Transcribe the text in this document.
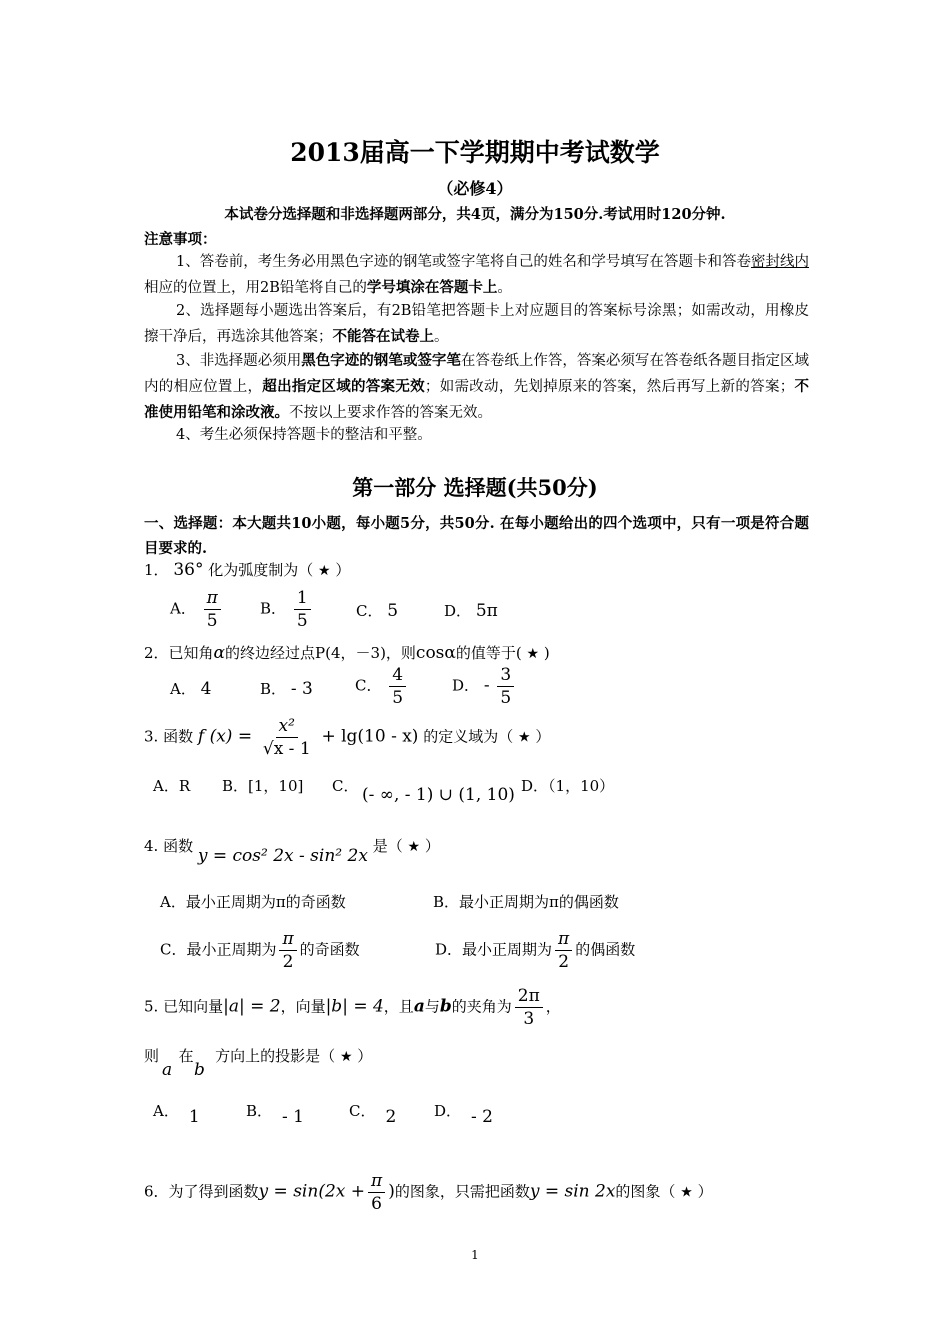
2013届高一下学期期中考试数学
（必修4）
本试卷分选择题和非选择题两部分，共4页，满分为150分.考试用时120分钟.
注意事项：
1、答卷前，考生务必用黑色字迹的钢笔或签字笔将自己的姓名和学号填写在答题卡和答卷密封线内相应的位置上，用2B铅笔将自己的学号填涂在答题卡上。
2、选择题每小题选出答案后，有2B铅笔把答题卡上对应题目的答案标号涂黑；如需改动，用橡皮擦干净后，再选涂其他答案；不能答在试卷上。
3、非选择题必须用黑色字迹的钢笔或签字笔在答卷纸上作答，答案必须写在答卷纸各题目指定区域内的相应位置上，超出指定区域的答案无效；如需改动，先划掉原来的答案，然后再写上新的答案；不准使用铅笔和涂改液。不按以上要求作答的答案无效。
4、考生必须保持答题卡的整洁和平整。
第一部分 选择题(共50分)
一、选择题：本大题共10小题，每小题5分，共50分. 在每小题给出的四个选项中，只有一项是符合题目要求的.
1． 36° 化为弧度制为（ ★ ）
A． $\frac{\pi}{5}$	B． $\frac{1}{5}$	C． 5	D． 5π
2．已知角α的终边经过点P(4，－3)，则cosα的值等于( ★ )
A． 4	B． - 3	C． $\frac{4}{5}$	D． - $\frac{3}{5}$
3. 函数 f $(x) = \frac{\text{x²}}{√x - 1} + \lg(10 - x)$ 的定义域为（ ★ ）
A．R B．[1，10] C． (- ∞, - 1) ∪ (1, 10) D．（1，10）
4. 函数 y = cos² 2x - sin² 2x 是（ ★ ）
A．最小正周期为π的奇函数	B．最小正周期为π的偶函数
C．最小正周期为 $\frac{\pi}{2}$ 的奇函数	D．最小正周期为 $\frac{\pi}{2}$ 的偶函数
5. 已知向量|a| = 2，向量|b| = 4，且a与b的夹角为 $\frac{2\pi}{3}$ ，
则 在 方向上的投影是（ ★ ）
a b
A． 1	B． - 1	C． 2	D． - 2
6．为了得到函数$y = \sin(2x + \frac{\pi}{6}$ )的图象，只需把函数y = sin 2x的图象（ ★ ）
1
